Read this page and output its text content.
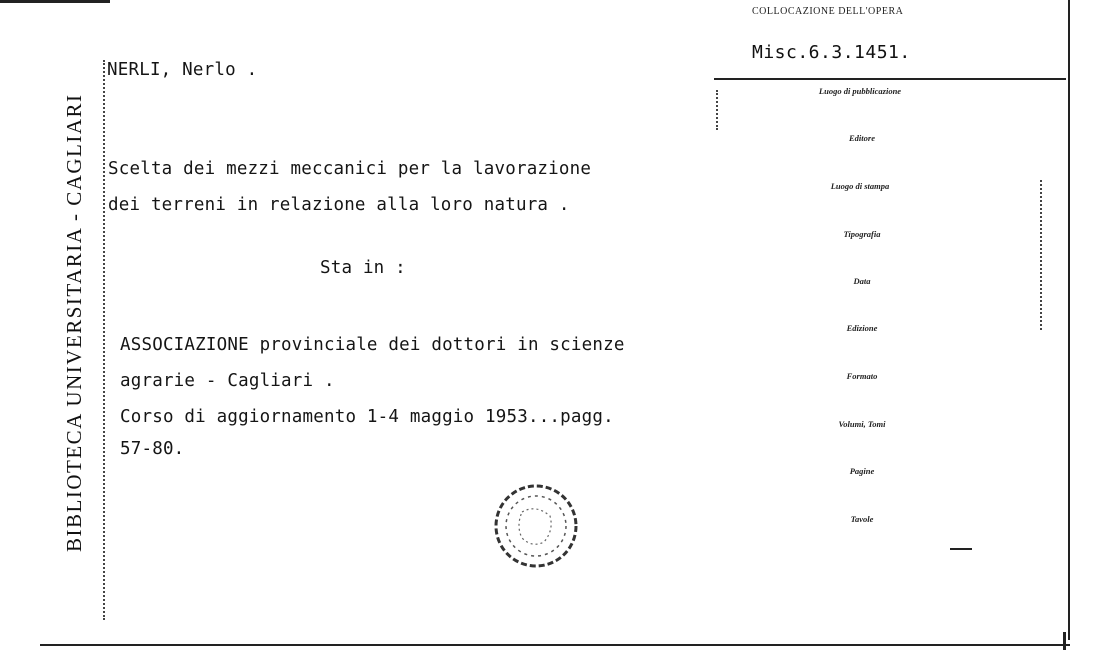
BIBLIOTECA UNIVERSITARIA - CAGLIARI
COLLOCAZIONE DELL'OPERA
Misc.6.3.1451.
NERLI, Nerlo .
Scelta dei mezzi meccanici per la lavorazione
dei terreni in relazione alla loro natura .
Sta in :
ASSOCIAZIONE provinciale dei dottori in scienze
agrarie - Cagliari .
Corso di aggiornamento 1-4 maggio 1953...pagg.
57-80.
Luogo di pubblicazione
Editore
Luogo di stampa
Tipografia
Data
Edizione
Formato
Volumi, Tomi
Pagine
Tavole
